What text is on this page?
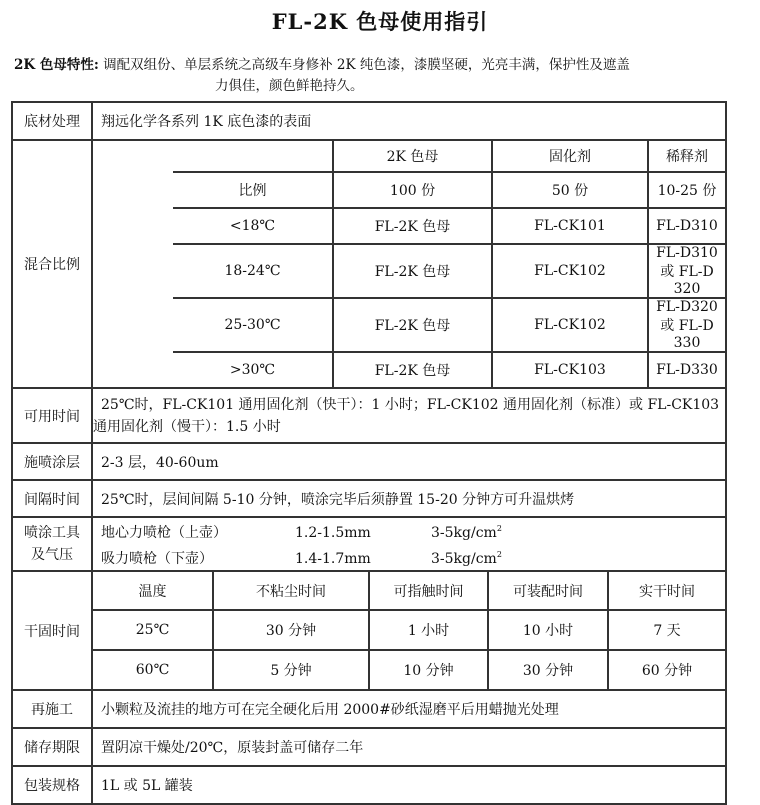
FL-2K 色母使用指引
2K 色母特性: 调配双组份、单层系统之高级车身修补 2K 纯色漆，漆膜坚硬，光亮丰满，保护性及遮盖
力俱佳，颜色鲜艳持久。
底材处理	翔远化学各系列 1K 底色漆的表面
混合比例	
	2K 色母	固化剂	稀释剂
比例	100 份	50 份	10-25 份
<18℃	FL-2K 色母	FL-CK101	FL-D310
18-24℃	FL-2K 色母	FL-CK102	FL-D310 或 FL-D 320
25-30℃	FL-2K 色母	FL-CK102	FL-D320 或 FL-D 330
>30℃	FL-2K 色母	FL-CK103	FL-D330

可用时间	
25℃时，FL-CK101 通用固化剂（快干）：1 小时；FL-CK102 通用固化剂（标准）或 FL-CK103
通用固化剂（慢干）：1.5 小时

施喷涂层	2-3 层，40-60um
间隔时间	25℃时，层间间隔 5-10 分钟，喷涂完毕后须静置 15-20 分钟方可升温烘烤

喷涂工具
及气压

地心力喷枪（上壶）	1.2-1.5mm	3-5kg/cm2
吸力喷枪（下壶）	1.4-1.7mm	3-5kg/cm2

干固时间	
温度	不粘尘时间	可指触时间	可装配时间	实干时间
25℃	30 分钟	1 小时	10 小时	7 天
60℃	5 分钟	10 分钟	30 分钟	60 分钟

再施工	小颗粒及流挂的地方可在完全硬化后用 2000#砂纸湿磨平后用蜡抛光处理
储存期限	置阴凉干燥处/20℃，原装封盖可储存二年
包装规格	1L 或 5L 罐装
